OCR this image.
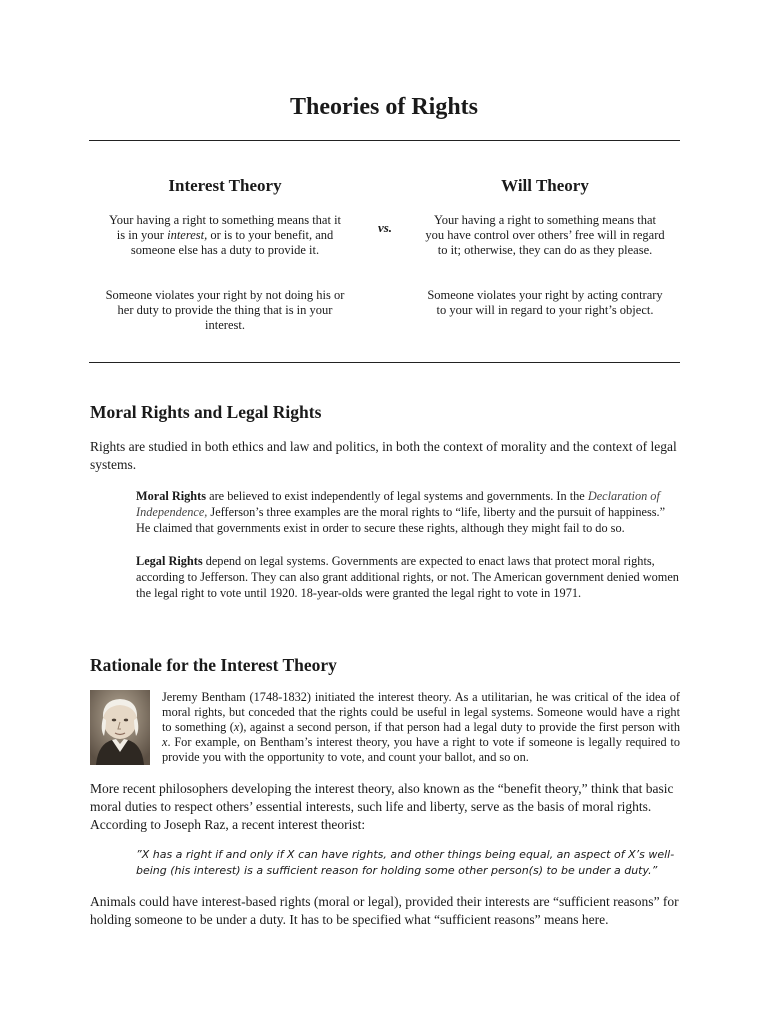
Theories of Rights
Interest Theory	Will Theory

Your having a right to something means that it is in your interest, or is to your benefit, and someone else has a duty to provide it.

Someone violates your right by not doing his or her duty to provide the thing that is in your interest.

vs.	Your having a right to something means that you have control over others’ free will in regard to it; otherwise, they can do as they please.

Someone violates your right by acting contrary to your will in regard to your right’s object.

Moral Rights and Legal Rights

Rights are studied in both ethics and law and politics, in both the context of morality and the context of legal systems.

Moral Rights are believed to exist independently of legal systems and governments. In the Declaration of Independence, Jefferson’s three examples are the moral rights to “life, liberty and the pursuit of happiness.” He claimed that governments exist in order to secure these rights, although they might fail to do so.

Legal Rights depend on legal systems. Governments are expected to enact laws that protect moral rights, according to Jefferson. They can also grant additional rights, or not. The American government denied women the legal right to vote until 1920. 18-year-olds were granted the legal right to vote in 1971.

Rationale for the Interest Theory

Jeremy Bentham (1748-1832) initiated the interest theory. As a utilitarian, he was critical of the idea of moral rights, but conceded that the rights could be useful in legal systems. Someone would have a right to something (x), against a second person, if that person had a legal duty to provide the first person with x. For example, on Bentham’s interest theory, you have a right to vote if someone is legally required to provide you with the opportunity to vote, and count your ballot, and so on.

More recent philosophers developing the interest theory, also known as the “benefit theory,” think that basic moral duties to respect others’ essential interests, such life and liberty, serve as the basis of moral rights. According to Joseph Raz, a recent interest theorist:

”X has a right if and only if X can have rights, and other things being equal, an aspect of X’s well-being (his interest) is a sufficient reason for holding some other person(s) to be under a duty.”

Animals could have interest-based rights (moral or legal), provided their interests are “sufficient reasons” for holding someone to be under a duty. It has to be specified what “sufficient reasons” means here.
